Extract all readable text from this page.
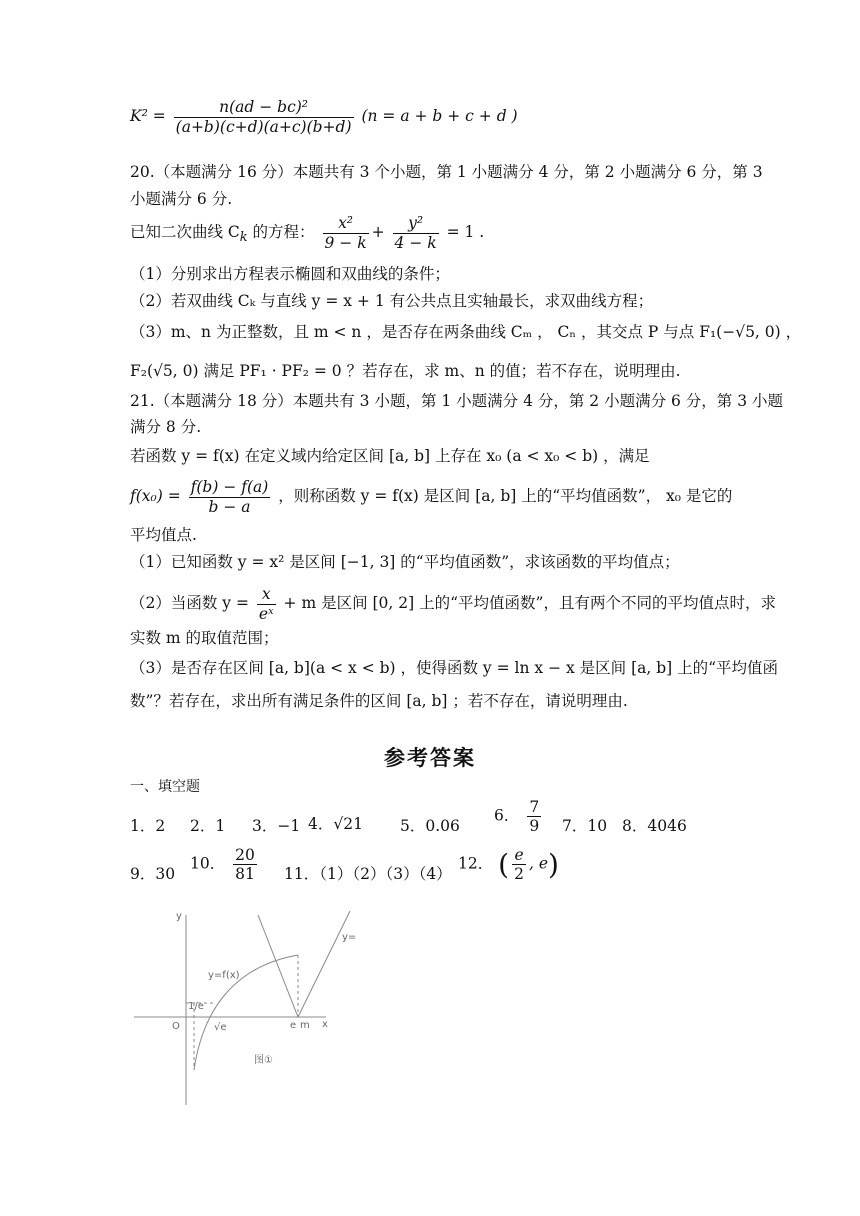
$K^2 = \frac{\text{n(ad − bc)²}}{(a+b)(c+d)(a+c)(b+d)} (n = a + b + c + d$ )
20.（本题满分 16 分）本题共有 3 个小题，第 1 小题满分 4 分，第 2 小题满分 6 分，第 3
小题满分 6 分.
已知二次曲线 $C_k$ 的方程： $\frac{\text{x²}}{9 - k} + \frac{\text{y²}}{4 - k} = 1$ .
（1）分别求出方程表示椭圆和双曲线的条件；
（2）若双曲线 Cₖ 与直线 y = x + 1 有公共点且实轴最长，求双曲线方程；
（3）m、n 为正整数，且 m < n ，是否存在两条曲线 Cₘ ， Cₙ ，其交点 P 与点 F₁(−√5, 0) ，
F₂(√5, 0) 满足 PF₁ · PF₂ = 0 ？若存在，求 m、n 的值；若不存在，说明理由.
21.（本题满分 18 分）本题共有 3 小题，第 1 小题满分 4 分，第 2 小题满分 6 分，第 3 小题
满分 8 分.
若函数 y = f(x) 在定义域内给定区间 [a, b] 上存在 x₀ (a < x₀ < b) ，满足
$f(x_0) = \frac{f(b) - f(a)}{b - a}$ ，则称函数 y = f(x) 是区间 [a, b] 上的“平均值函数”， x₀ 是它的
平均值点.
（1）已知函数 y = x² 是区间 [−1, 3] 的“平均值函数”，求该函数的平均值点；
（2）当函数 $y = \frac{x}{\text{eˣ}} + m$ 是区间 [0, 2] 上的“平均值函数”，且有两个不同的平均值点时，求
实数 m 的取值范围；
（3）是否存在区间 [a, b](a < x < b) ，使得函数 y = ln x − x 是区间 [a, b] 上的“平均值函
数”？若存在，求出所有满足条件的区间 [a, b] ；若不存在，请说明理由.
参考答案
一、填空题
1．2 2．1 3．−1 4．√21 5．0.06
6． $\frac{7}{9} 7$．10 8．4046
9．30
10． $\frac{20}{81} 11$．（1）（2）（3）（4）
12． ( $\frac{e}{2}$ , e)
y
x
O
1/e
√e	e m
y=f(x)
y=
图①
